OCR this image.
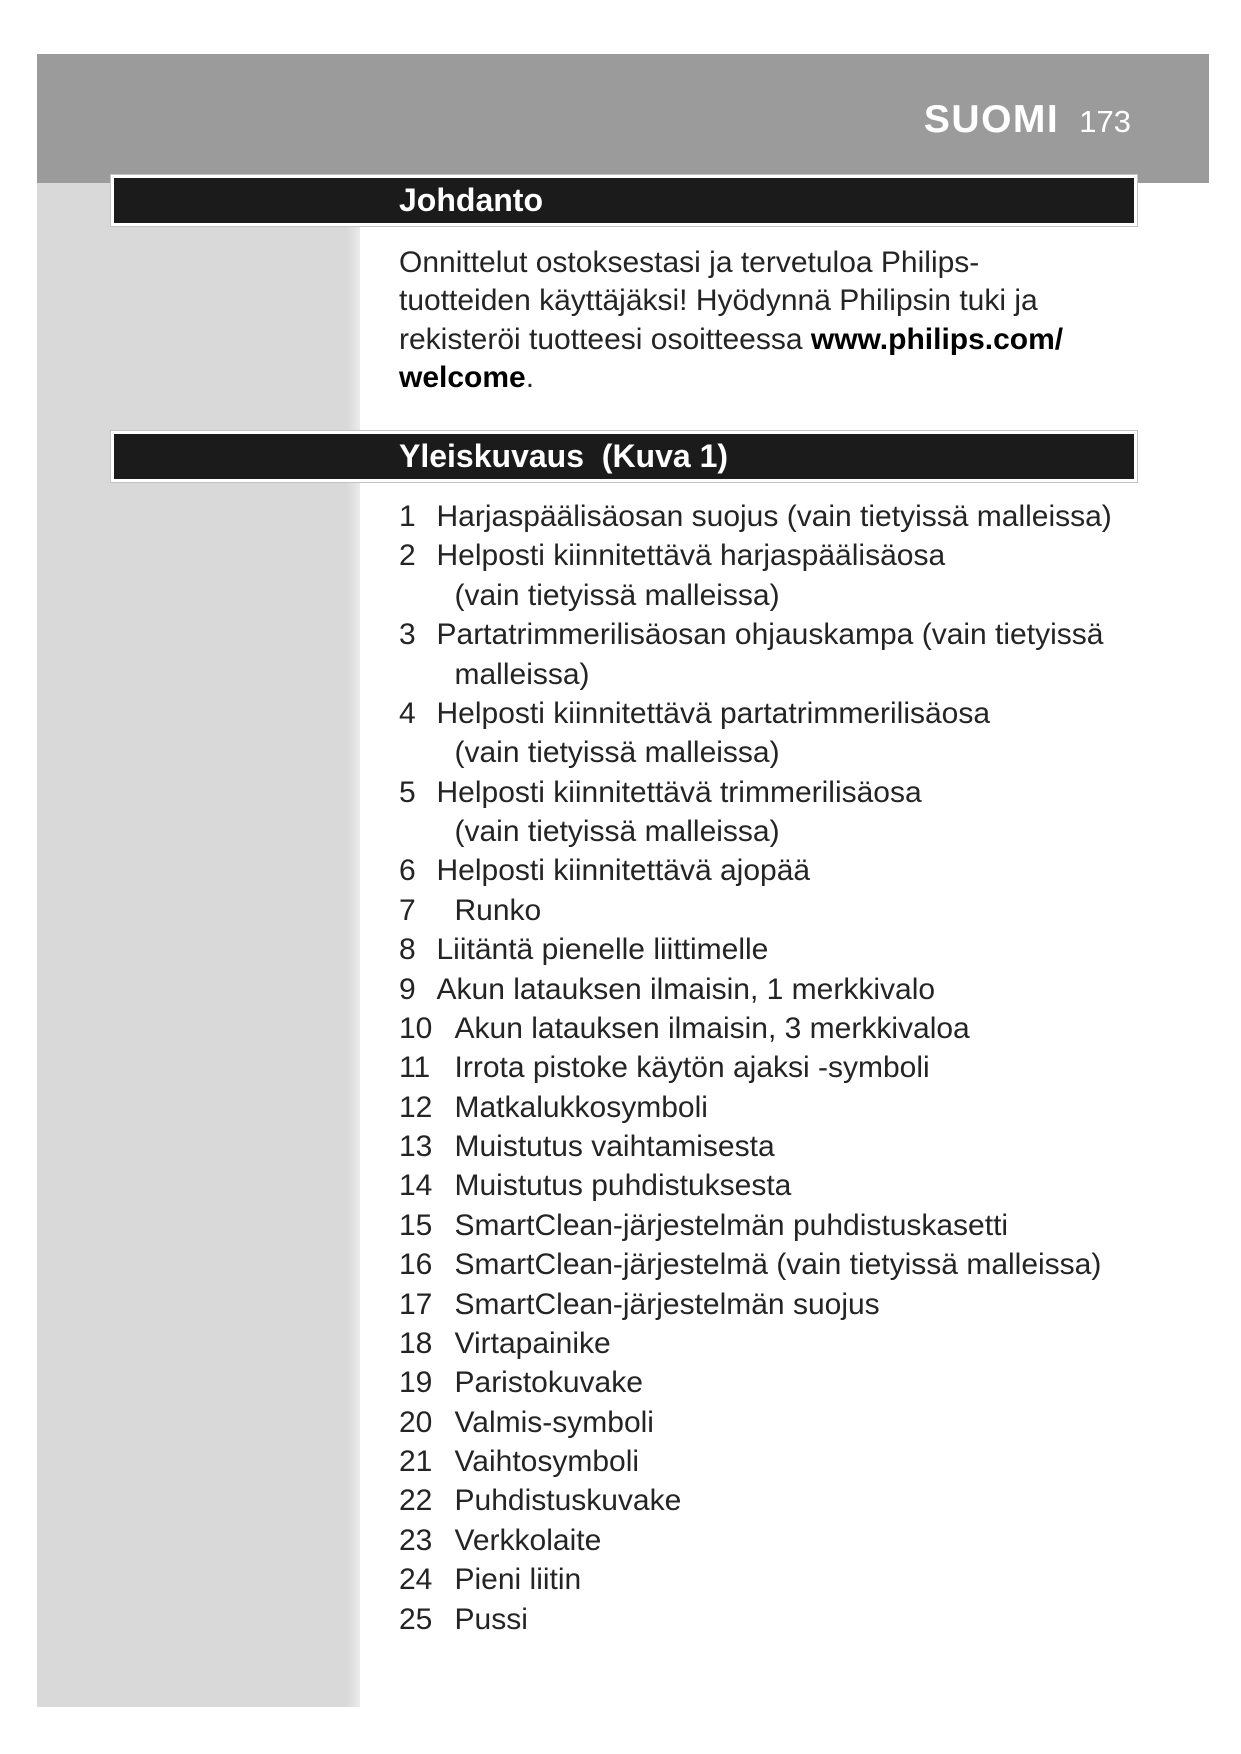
SUOMI 173
Johdanto

Onnittelut ostoksestasi ja tervetuloa Philips-
tuotteiden käyttäjäksi! Hyödynnä Philipsin tuki ja
rekisteröi tuotteesi osoitteessa www.philips.com/
welcome.

Yleiskuvaus  (Kuva 1)
1 Harjaspäälisäosan suojus (vain tietyissä malleissa)
2 Helposti kiinnitettävä harjaspäälisäosa
(vain tietyissä malleissa)
3 Partatrimmerilisäosan ohjauskampa (vain tietyissä
malleissa)
4 Helposti kiinnitettävä partatrimmerilisäosa
(vain tietyissä malleissa)
5 Helposti kiinnitettävä trimmerilisäosa
(vain tietyissä malleissa)
6 Helposti kiinnitettävä ajopää
7 Runko
8 Liitäntä pienelle liittimelle
9 Akun latauksen ilmaisin, 1 merkkivalo
10 Akun latauksen ilmaisin, 3 merkkivaloa
11 Irrota pistoke käytön ajaksi -symboli
12 Matkalukkosymboli
13 Muistutus vaihtamisesta
14 Muistutus puhdistuksesta
15 SmartClean-järjestelmän puhdistuskasetti
16 SmartClean-järjestelmä (vain tietyissä malleissa)
17 SmartClean-järjestelmän suojus
18 Virtapainike
19 Paristokuvake
20 Valmis-symboli
21 Vaihtosymboli
22 Puhdistuskuvake
23 Verkkolaite
24 Pieni liitin
25 Pussi
